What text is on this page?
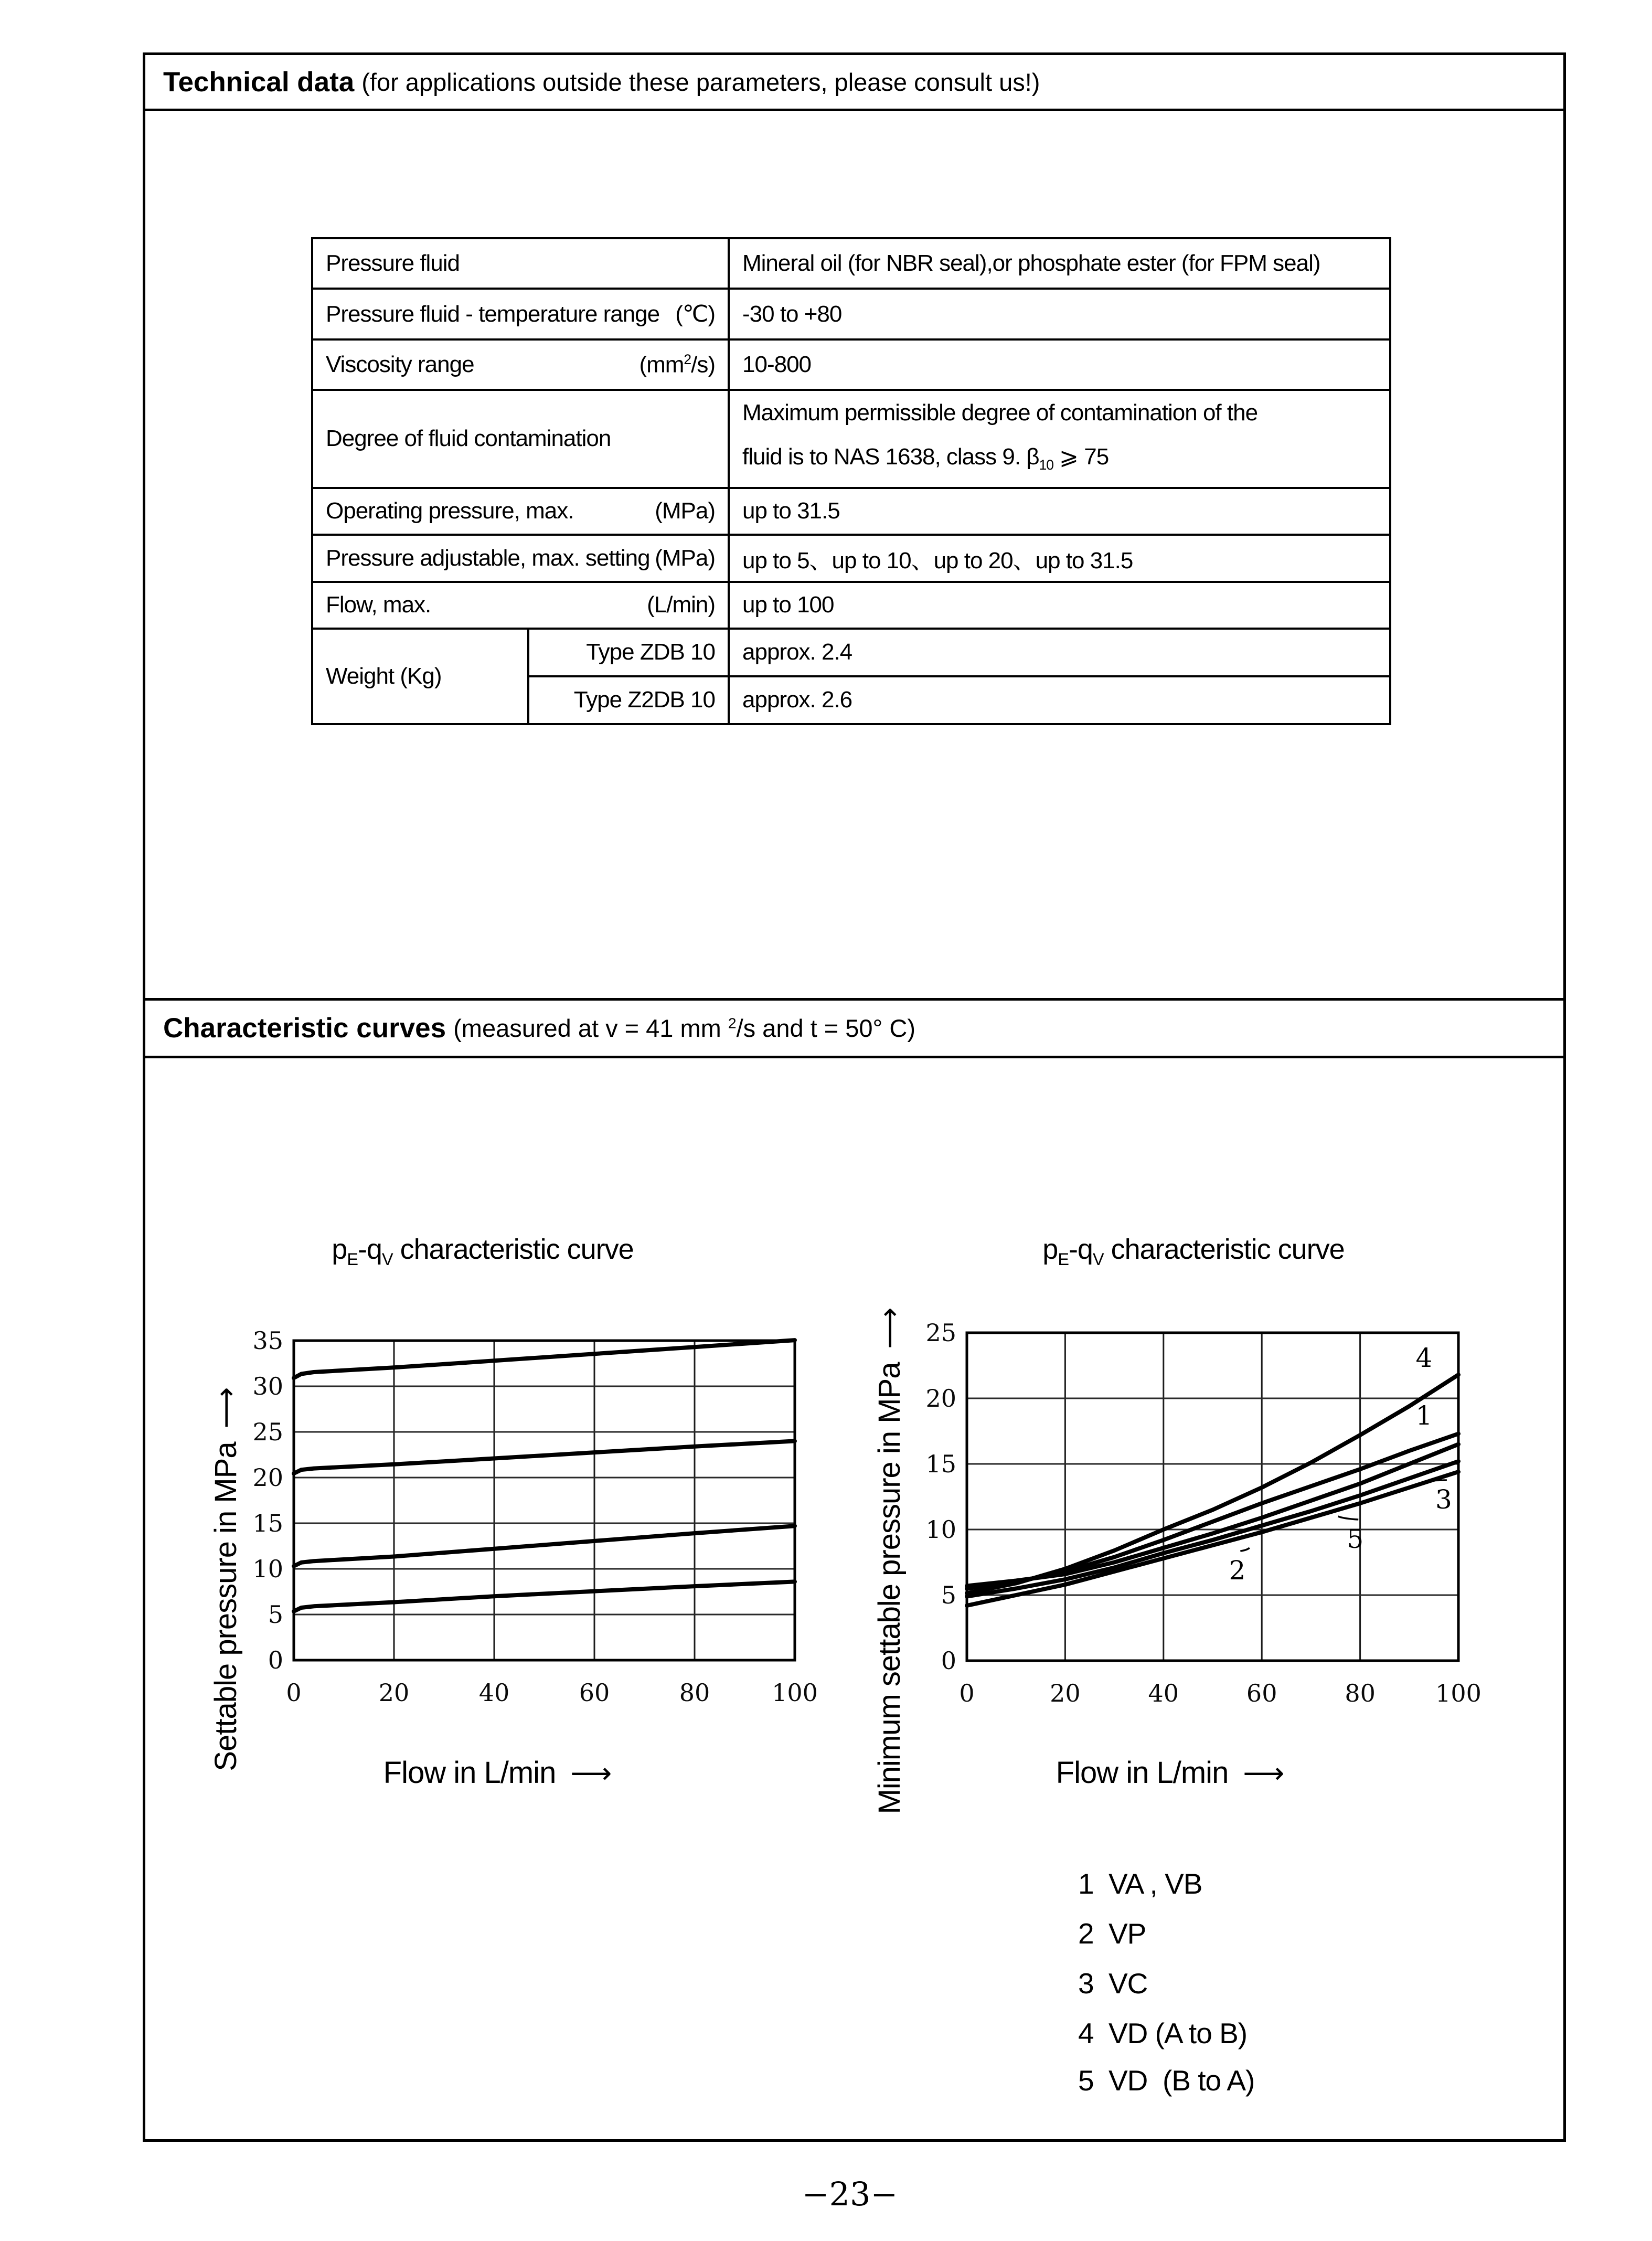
Technical data (for applications outside these parameters, please consult us!)
Pressure fluid		Mineral oil (for NBR seal),or phosphate ester (for FPM seal)

Pressure fluid - temperature range (℃)		-30 to +80

Viscosity range $(mm^2/s)$		10-800

Degree of fluid contamination		Maximum permissible degree of contamination of the
fluid is to NAS 1638, class 9. $\beta_{10}$ ⩾ 75

Operating pressure, max. (MPa)		up to 31.5

Pressure adjustable, max. setting (MPa)		up to 5、up to 10、up to 20、up to 31.5

Flow, max. (L/min)		up to 100
Weight (Kg)	Type ZDB 10	approx. 2.4
	Type Z2DB 10	approx. 2.6
Characteristic curves (measured at v = 41 mm $^2$/s and t = 50° C)
$p_E-q_V$ characteristic curve	$p_E-q_V$ characteristic curve
Settable pressure in MPa
⟶	Minimum settable pressure in MPa
⟶
0	20	40	60	80	100
0
5
10
15
20
25
30
35
0	20	40	60	80 100
0
5
10
15
20
25
4
1
2
5
3
Flow in L/min ⟶	Flow in L/min ⟶
1 VA , VB
2 VP
3 VC
4 VD (A to B)
5 VD  (B to A)
−23−
